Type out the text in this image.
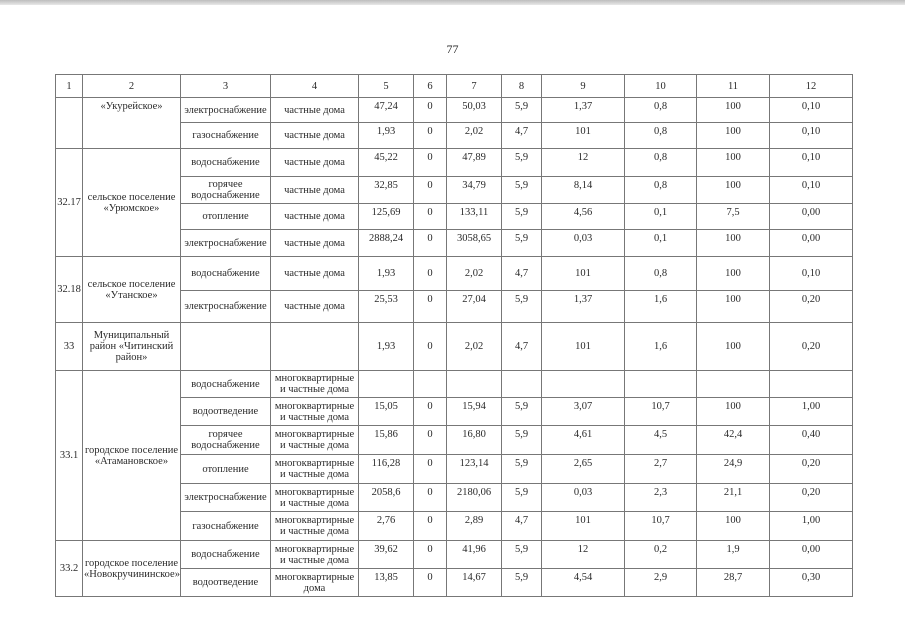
77
1	2	3	4	5	6	7	8	9	10	11	12
	«Укурейское»	электроснабжение	частные дома	47,24	0	50,03	5,9	1,37	0,8	100	0,10
		газоснабжение	частные дома	1,93	0	2,02	4,7	101	0,8	100	0,10
32.17	сельское поселение «Урюмское»	водоснабжение	частные дома	45,22	0	47,89	5,9	12	0,8	100	0,10
		горячее водоснабжение	частные дома	32,85	0	34,79	5,9	8,14	0,8	100	0,10
		отопление	частные дома	125,69	0	133,11	5,9	4,56	0,1	7,5	0,00
		электроснабжение	частные дома	2888,24	0	3058,65	5,9	0,03	0,1	100	0,00
32.18	сельское поселение «Утанское»	водоснабжение	частные дома	1,93	0	2,02	4,7	101	0,8	100	0,10
		электроснабжение	частные дома	25,53	0	27,04	5,9	1,37	1,6	100	0,20
33	Муниципальный район «Читинский район»			1,93	0	2,02	4,7	101	1,6	100	0,20
33.1	городское поселение «Атамановское»	водоснабжение	многоквартирные и частные дома								
		водоотведение	многоквартирные и частные дома	15,05	0	15,94	5,9	3,07	10,7	100	1,00
		горячее водоснабжение	многоквартирные и частные дома	15,86	0	16,80	5,9	4,61	4,5	42,4	0,40
		отопление	многоквартирные и частные дома	116,28	0	123,14	5,9	2,65	2,7	24,9	0,20
		электроснабжение	многоквартирные и частные дома	2058,6	0	2180,06	5,9	0,03	2,3	21,1	0,20
		газоснабжение	многоквартирные и частные дома	2,76	0	2,89	4,7	101	10,7	100	1,00
33.2	городское поселение «Новокручининское»	водоснабжение	многоквартирные и частные дома	39,62	0	41,96	5,9	12	0,2	1,9	0,00
		водоотведение	многоквартирные дома	13,85	0	14,67	5,9	4,54	2,9	28,7	0,30
